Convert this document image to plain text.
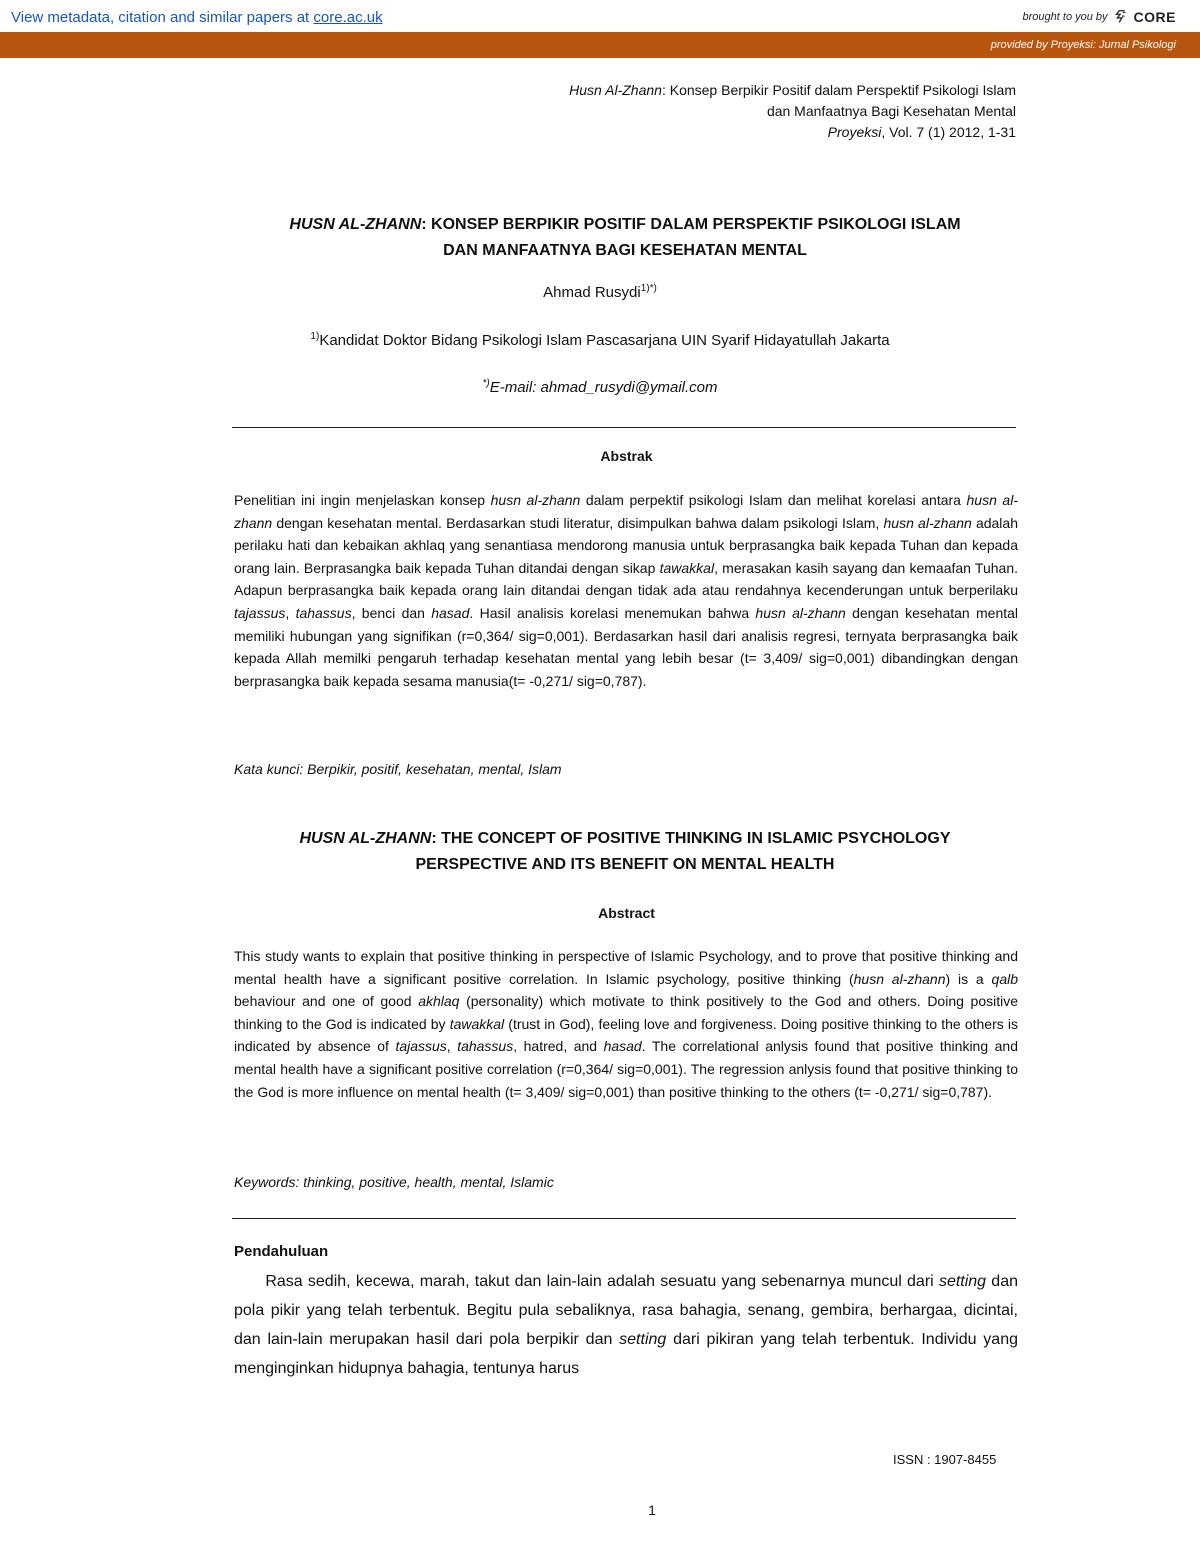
View metadata, citation and similar papers at core.ac.uk	brought to you by CORE
provided by Proyeksi: Jurnal Psikologi
Husn Al-Zhann: Konsep Berpikir Positif dalam Perspektif Psikologi Islam
dan Manfaatnya Bagi Kesehatan Mental
Proyeksi, Vol. 7 (1) 2012, 1-31
HUSN AL-ZHANN: KONSEP BERPIKIR POSITIF DALAM PERSPEKTIF PSIKOLOGI ISLAM
DAN MANFAATNYA BAGI KESEHATAN MENTAL
Ahmad Rusydi$^{1)*)}$
$^{1)}$Kandidat Doktor Bidang Psikologi Islam Pascasarjana UIN Syarif Hidayatullah Jakarta
*)E-mail: ahmad_rusydi@ymail.com
Abstrak
Penelitian ini ingin menjelaskan konsep husn al-zhann dalam perpektif psikologi Islam dan melihat korelasi antara husn al-zhann dengan kesehatan mental. Berdasarkan studi literatur, disimpulkan bahwa dalam psikologi Islam, husn al-zhann adalah perilaku hati dan kebaikan akhlaq yang senantiasa mendorong manusia untuk berprasangka baik kepada Tuhan dan kepada orang lain. Berprasangka baik kepada Tuhan ditandai dengan sikap tawakkal, merasakan kasih sayang dan kemaafan Tuhan. Adapun berprasangka baik kepada orang lain ditandai dengan tidak ada atau rendahnya kecenderungan untuk berperilaku tajassus, tahassus, benci dan hasad. Hasil analisis korelasi menemukan bahwa husn al-zhann dengan kesehatan mental memiliki hubungan yang signifikan (r=0,364/ sig=0,001). Berdasarkan hasil dari analisis regresi, ternyata berprasangka baik kepada Allah memilki pengaruh terhadap kesehatan mental yang lebih besar (t= 3,409/ sig=0,001) dibandingkan dengan berprasangka baik kepada sesama manusia(t= -0,271/ sig=0,787).
Kata kunci: Berpikir, positif, kesehatan, mental, Islam
HUSN AL-ZHANN: THE CONCEPT OF POSITIVE THINKING IN ISLAMIC PSYCHOLOGY
PERSPECTIVE AND ITS BENEFIT ON MENTAL HEALTH
Abstract
This study wants to explain that positive thinking in perspective of Islamic Psychology, and to prove that positive thinking and mental health have a significant positive correlation. In Islamic psychology, positive thinking (husn al-zhann) is a qalb behaviour and one of good akhlaq (personality) which motivate to think positively to the God and others. Doing positive thinking to the God is indicated by tawakkal (trust in God), feeling love and forgiveness. Doing positive thinking to the others is indicated by absence of tajassus, tahassus, hatred, and hasad. The correlational anlysis found that positive thinking and mental health have a significant positive correlation (r=0,364/ sig=0,001). The regression anlysis found that positive thinking to the God is more influence on mental health (t= 3,409/ sig=0,001) than positive thinking to the others (t= -0,271/ sig=0,787).
Keywords: thinking, positive, health, mental, Islamic
Pendahuluan
Rasa sedih, kecewa, marah, takut dan lain-lain adalah sesuatu yang sebenarnya muncul dari setting dan pola pikir yang telah terbentuk. Begitu pula sebaliknya, rasa bahagia, senang, gembira, berhargaa, dicintai, dan lain-lain merupakan hasil dari pola berpikir dan setting dari pikiran yang telah terbentuk. Individu yang menginginkan hidupnya bahagia, tentunya harus
ISSN : 1907-8455
1
